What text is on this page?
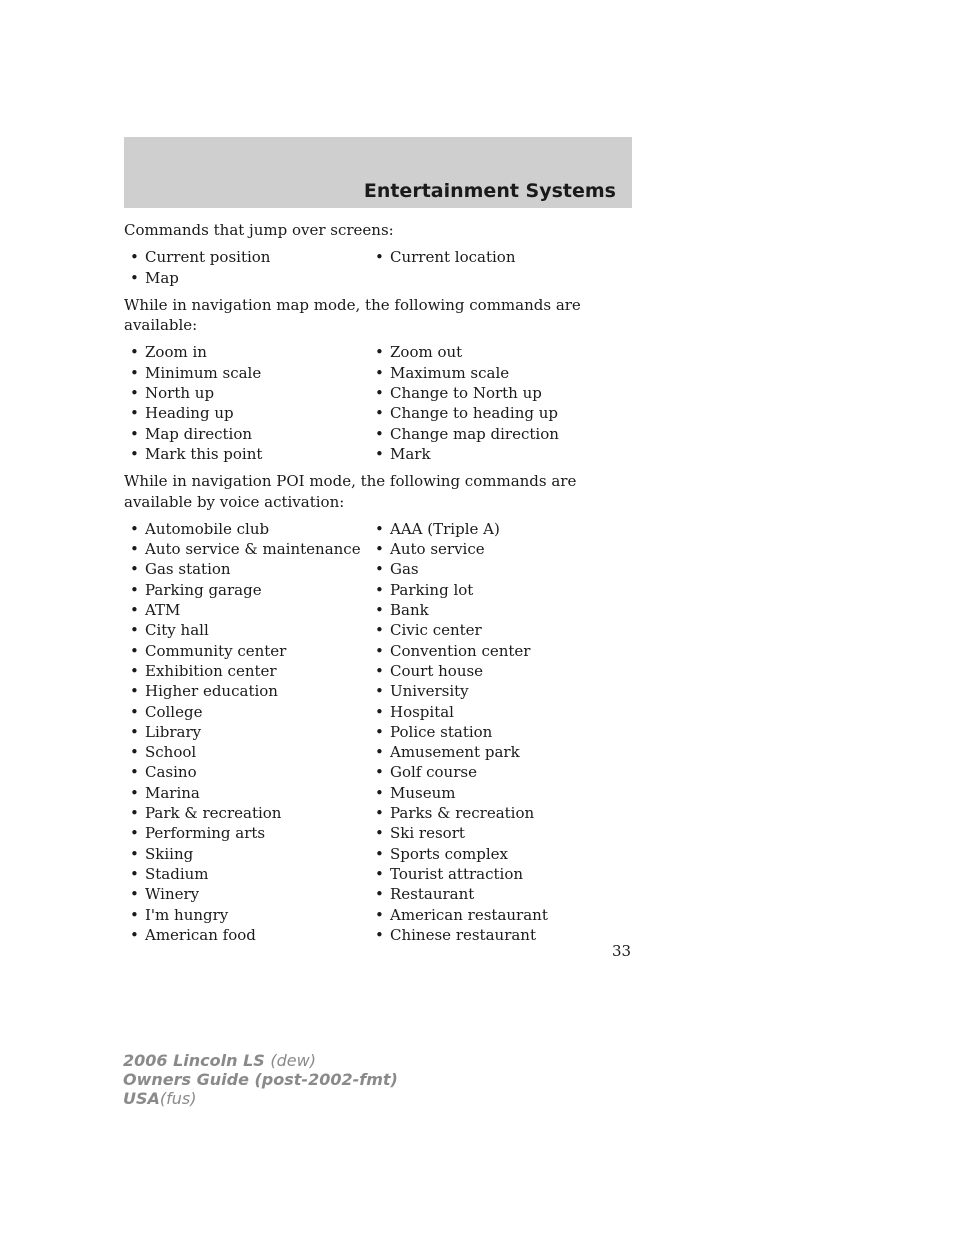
Entertainment Systems

Commands that jump over screens:

• Current position	• Current location
• Map

While in navigation map mode, the following commands are available:

• Zoom in	• Zoom out
• Minimum scale	• Maximum scale
• North up	• Change to North up
• Heading up	• Change to heading up
• Map direction	• Change map direction
• Mark this point	• Mark

While in navigation POI mode, the following commands are available by voice activation:

• Automobile club	• AAA (Triple A)
• Auto service & maintenance • Auto service
• Gas station	• Gas
• Parking garage	• Parking lot
• ATM	• Bank
• City hall	• Civic center
• Community center	• Convention center
• Exhibition center	• Court house
• Higher education	• University
• College	• Hospital
• Library	• Police station
• School	• Amusement park
• Casino	• Golf course
• Marina	• Museum
• Park & recreation	• Parks & recreation
• Performing arts	• Ski resort
• Skiing	• Sports complex
• Stadium	• Tourist attraction
• Winery	• Restaurant
• I'm hungry	• American restaurant
• American food	• Chinese restaurant
33
2006 Lincoln LS (dew)
Owners Guide (post-2002-fmt)
USA(fus)
